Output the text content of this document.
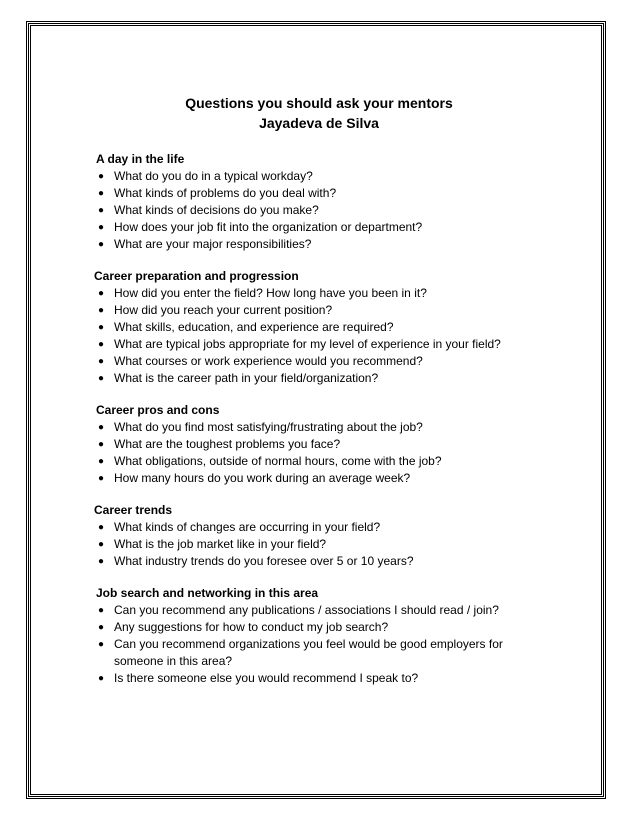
Questions you should ask your mentors
Jayadeva de Silva

A day in the life

● What do you do in a typical workday?
● What kinds of problems do you deal with?
● What kinds of decisions do you make?
● How does your job fit into the organization or department?
● What are your major responsibilities?

Career preparation and progression

● How did you enter the field? How long have you been in it?
● How did you reach your current position?
● What skills, education, and experience are required?
● What are typical jobs appropriate for my level of experience in your field?
● What courses or work experience would you recommend?
● What is the career path in your field/organization?

Career pros and cons

● What do you find most satisfying/frustrating about the job?
● What are the toughest problems you face?
● What obligations, outside of normal hours, come with the job?
● How many hours do you work during an average week?

Career trends

● What kinds of changes are occurring in your field?
● What is the job market like in your field?
● What industry trends do you foresee over 5 or 10 years?

Job search and networking in this area

● Can you recommend any publications / associations I should read / join?
● Any suggestions for how to conduct my job search?
● Can you recommend organizations you feel would be good employers for someone in this area?
● Is there someone else you would recommend I speak to?
